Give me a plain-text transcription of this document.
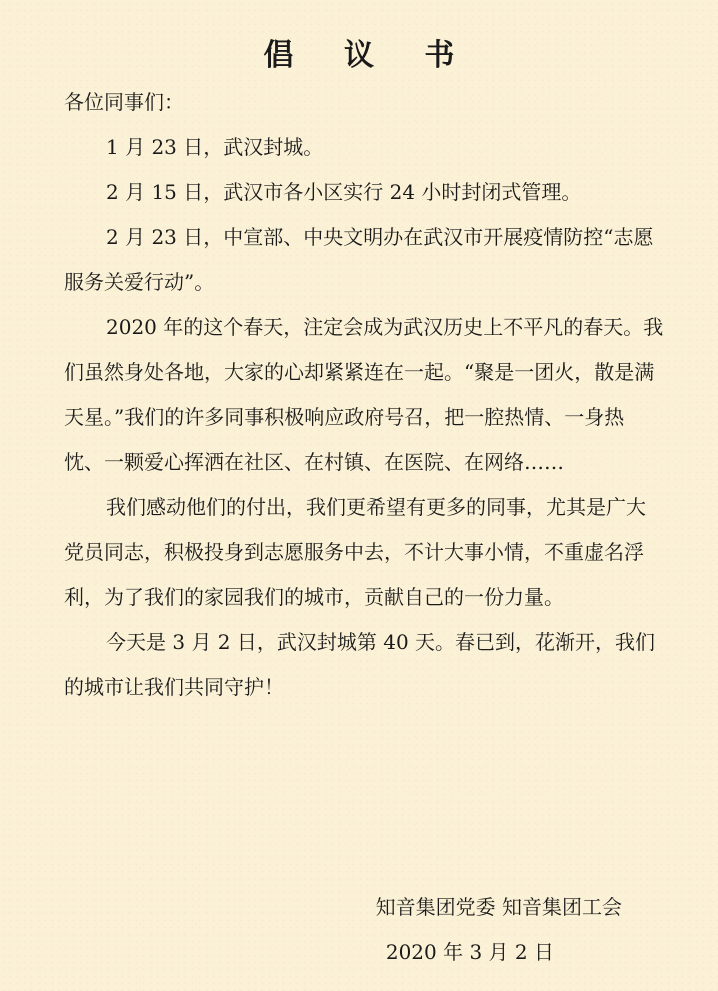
倡 议 书

各位同事们：

1 月 23 日，武汉封城。

2 月 15 日，武汉市各小区实行 24 小时封闭式管理。

2 月 23 日，中宣部、中央文明办在武汉市开展疫情防控“志愿服务关爱行动”。

2020 年的这个春天，注定会成为武汉历史上不平凡的春天。我们虽然身处各地，大家的心却紧紧连在一起。“聚是一团火，散是满天星。”我们的许多同事积极响应政府号召，把一腔热情、一身热忱、一颗爱心挥洒在社区、在村镇、在医院、在网络……

我们感动他们的付出，我们更希望有更多的同事，尤其是广大党员同志，积极投身到志愿服务中去，不计大事小情，不重虚名浮利，为了我们的家园我们的城市，贡献自己的一份力量。

今天是 3 月 2 日，武汉封城第 40 天。春已到，花渐开，我们的城市让我们共同守护！

知音集团党委 知音集团工会
2020 年 3 月 2 日
